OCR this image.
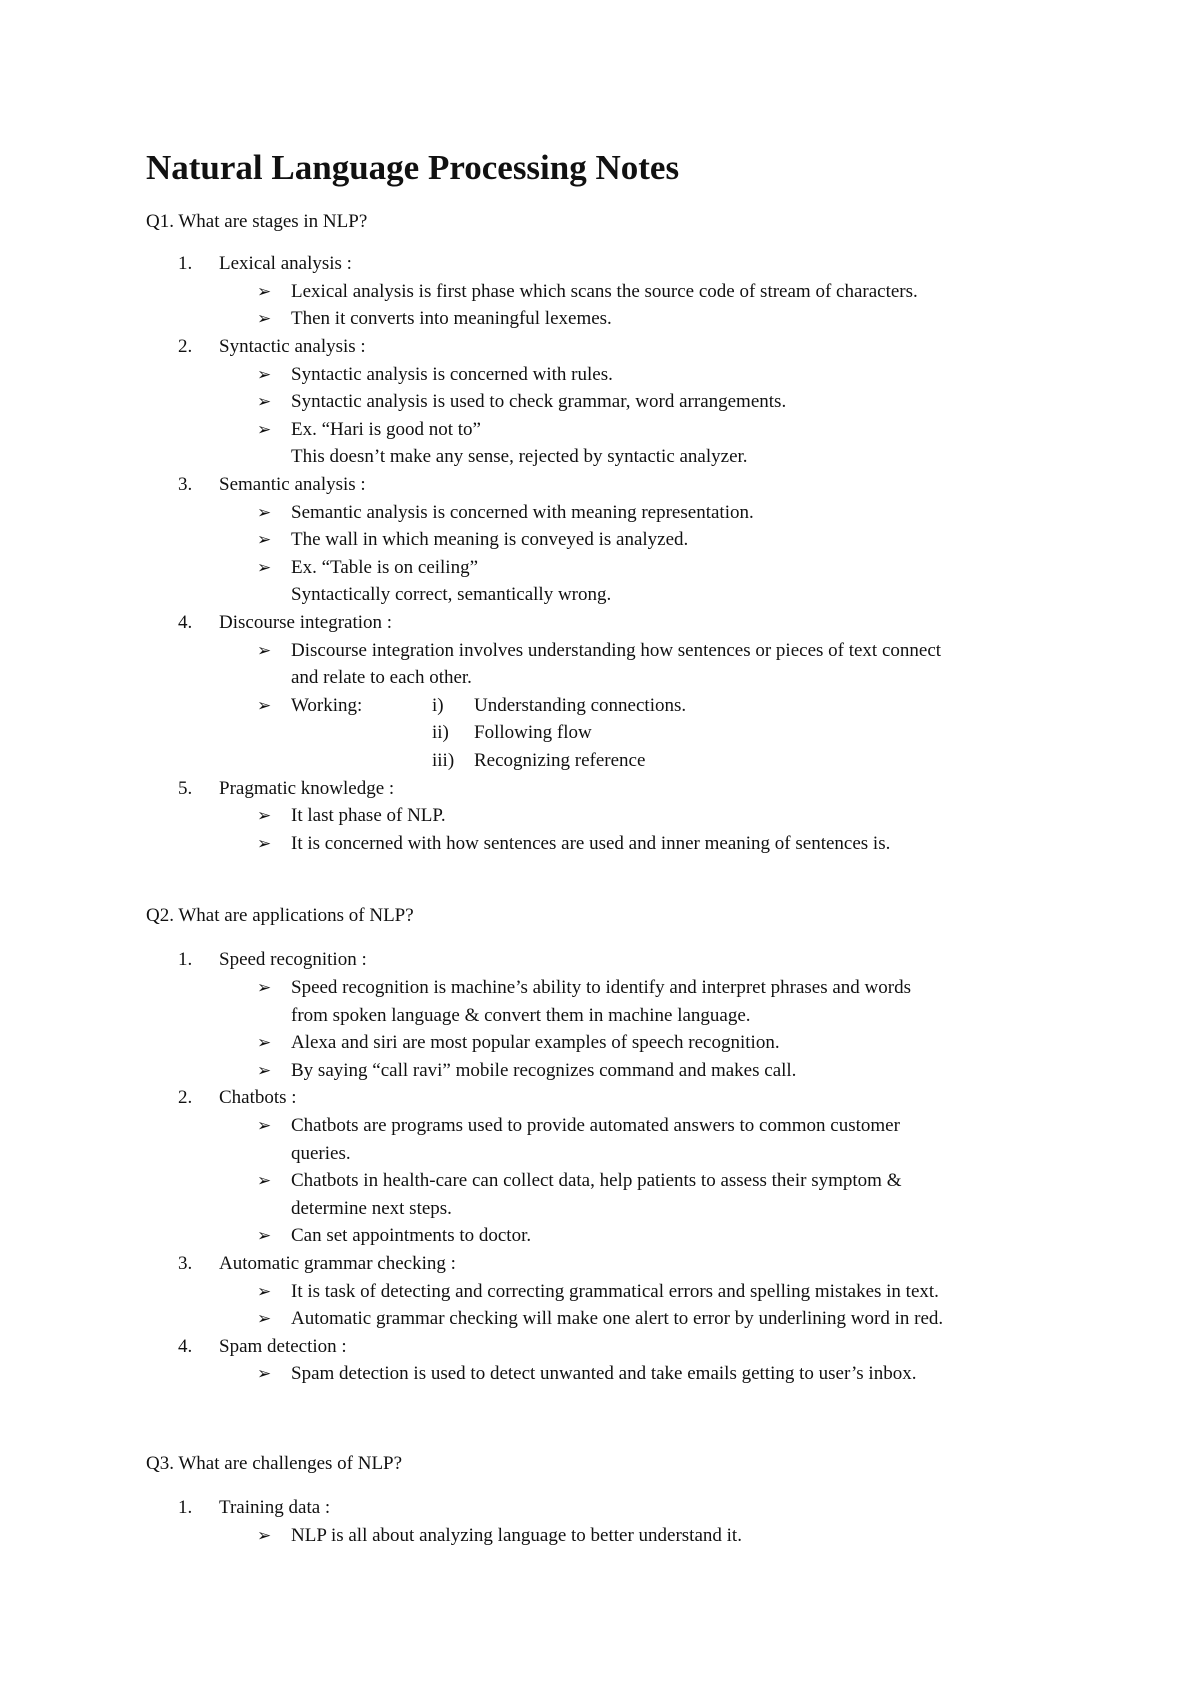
Natural Language Processing Notes
Q1. What are stages in NLP?
1. Lexical analysis :
➢ Lexical analysis is first phase which scans the source code of stream of characters.
➢ Then it converts into meaningful lexemes.
2. Syntactic analysis :
➢ Syntactic analysis is concerned with rules.
➢ Syntactic analysis is used to check grammar, word arrangements.
➢ Ex. “Hari is good not to”
This doesn’t make any sense, rejected by syntactic analyzer.
3. Semantic analysis :
➢ Semantic analysis is concerned with meaning representation.
➢ The wall in which meaning is conveyed is analyzed.
➢ Ex. “Table is on ceiling”
Syntactically correct, semantically wrong.
4. Discourse integration :
➢ Discourse integration involves understanding how sentences or pieces of text connect
and relate to each other.
➢ Working:	i) Understanding connections.
ii) Following flow
iii) Recognizing reference
5. Pragmatic knowledge :
➢ It last phase of NLP.
➢ It is concerned with how sentences are used and inner meaning of sentences is.
Q2. What are applications of NLP?
1. Speed recognition :
➢ Speed recognition is machine’s ability to identify and interpret phrases and words
from spoken language & convert them in machine language.
➢ Alexa and siri are most popular examples of speech recognition.
➢ By saying “call ravi” mobile recognizes command and makes call.
2. Chatbots :
➢ Chatbots are programs used to provide automated answers to common customer
queries.
➢ Chatbots in health-care can collect data, help patients to assess their symptom &
determine next steps.
➢ Can set appointments to doctor.
3. Automatic grammar checking :
➢ It is task of detecting and correcting grammatical errors and spelling mistakes in text.
➢ Automatic grammar checking will make one alert to error by underlining word in red.
4. Spam detection :
➢ Spam detection is used to detect unwanted and take emails getting to user’s inbox.
Q3. What are challenges of NLP?
1. Training data :
➢ NLP is all about analyzing language to better understand it.
